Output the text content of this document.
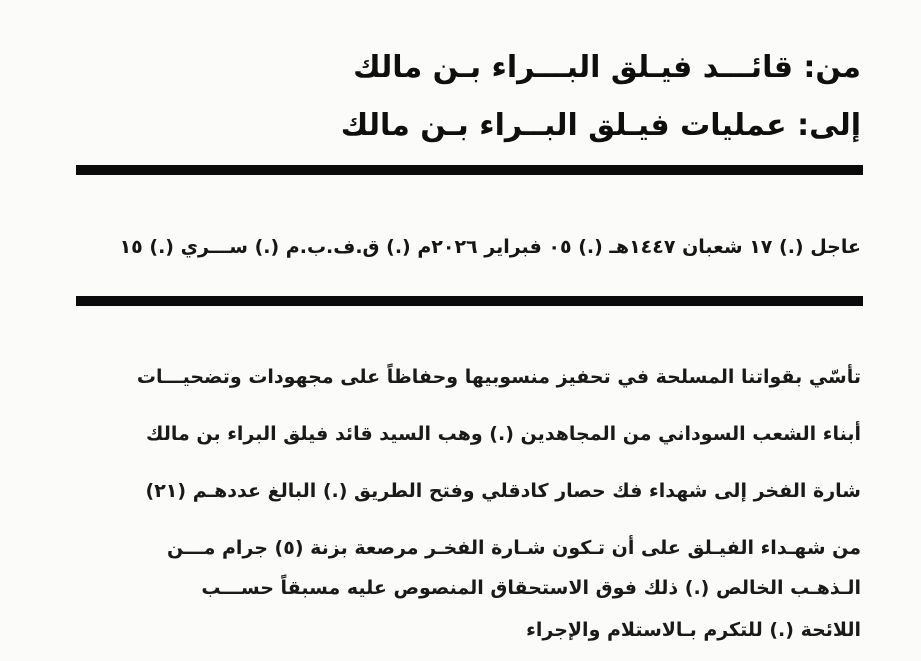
من: قائـــد فيـلق البـــراء بـن مالك
إلى: عمليات فيـلق البــراء بـن مالك
عاجل (.) ١٧ شعبان ١٤٤٧هـ (.) ٠٥ فبراير ٢٠٢٦م (.) ق.ف.ب.م (.) ســـري (.) ١٥
تأسّي بقواتنا المسلحة في تحفيز منسوبيها وحفاظاً على مجهودات وتضحيـــات
أبناء الشعب السوداني من المجاهدين (.) وهب السيد قائد فيلق البراء بن مالك
شارة الفخر إلى شهداء فك حصار كادقلي وفتح الطريق (.) البالغ عددهـم (٢١)
من شهـداء الفيـلق على أن تـكون شـارة الفخـر مرصعة بزنة (٥) جرام مـــن
الـذهـب الخالص (.) ذلك فوق الاستحقاق المنصوص عليه مسبقاً حســـب
اللائحة (.) للتكرم بـالاستلام والإجراء
